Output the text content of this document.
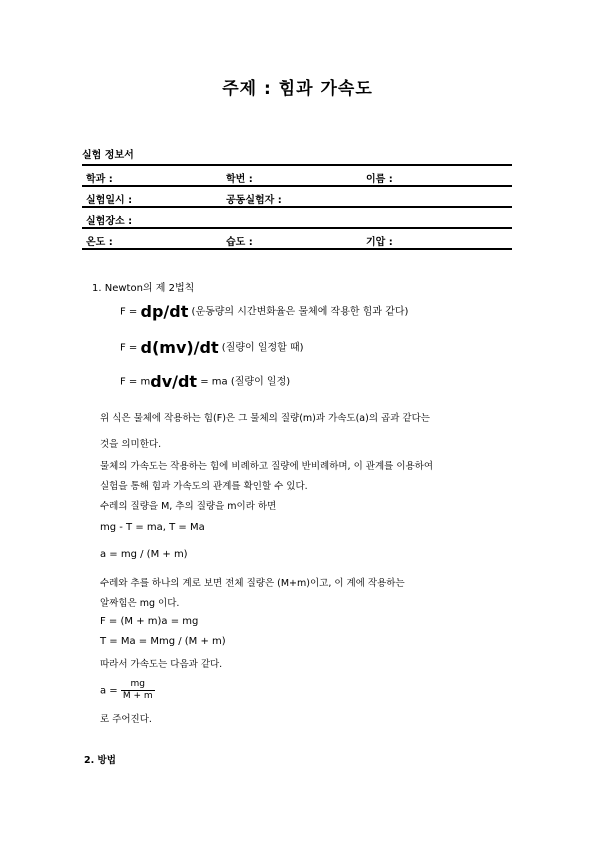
주제 : 힘과 가속도
실험 정보서
학과 :	학번 :	이름 :
실험일시 :	공동실험자 :
실험장소 :
온도 :	습도 :	기압 :
1. Newton의 제 2법칙
F = dp/dt (운동량의 시간변화율은 물체에 작용한 힘과 같다)
F = d(mv)/dt (질량이 일정할 때)
F = mdv/dt = ma (질량이 일정)
위 식은 물체에 작용하는 힘(F)은 그 물체의 질량(m)과 가속도(a)의 곱과 같다는
것을 의미한다.
물체의 가속도는 작용하는 힘에 비례하고 질량에 반비례하며, 이 관계를 이용하여
실험을 통해 힘과 가속도의 관계를 확인할 수 있다.
수레의 질량을 M, 추의 질량을 m이라 하면
mg - T = ma, T = Ma
a = mg / (M + m)
수레와 추를 하나의 계로 보면 전체 질량은 (M+m)이고, 이 계에 작용하는
알짜힘은 mg 이다.
F = (M + m)a = mg
T = Ma = Mmg / (M + m)
따라서 가속도는 다음과 같다.
$a = \frac{mg}{M + m}$
로 주어진다.
2. 방법
